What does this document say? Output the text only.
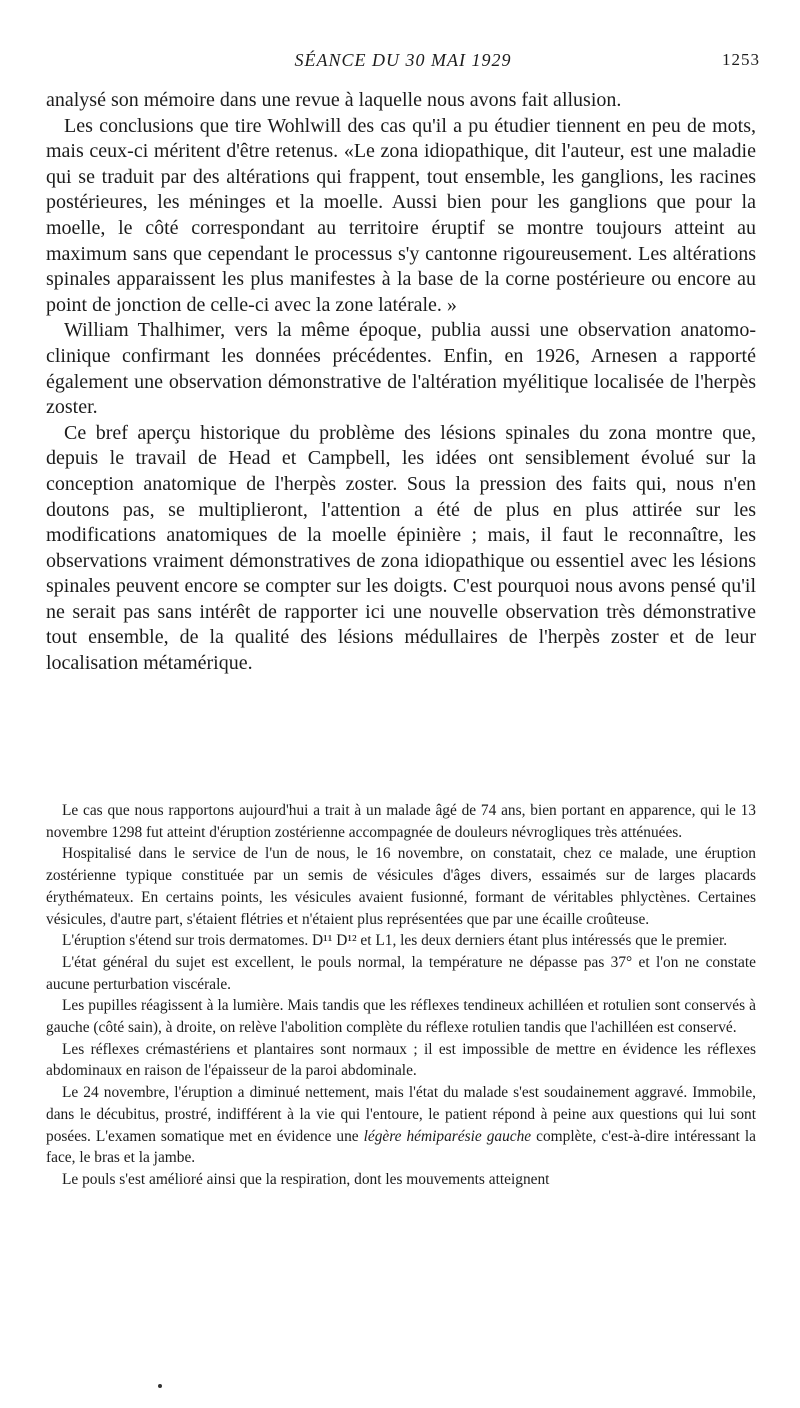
SÉANCE DU 30 MAI 1929	1253

analysé son mémoire dans une revue à laquelle nous avons fait allusion.

Les conclusions que tire Wohlwill des cas qu'il a pu étudier tiennent en peu de mots, mais ceux-ci méritent d'être retenus. «Le zona idiopathique, dit l'auteur, est une maladie qui se traduit par des altérations qui frappent, tout ensemble, les ganglions, les racines postérieures, les méninges et la moelle. Aussi bien pour les ganglions que pour la moelle, le côté correspondant au territoire éruptif se montre toujours atteint au maximum sans que cependant le processus s'y cantonne rigoureusement. Les altérations spinales apparaissent les plus manifestes à la base de la corne postérieure ou encore au point de jonction de celle-ci avec la zone latérale. »

William Thalhimer, vers la même époque, publia aussi une observation anatomo-clinique confirmant les données précédentes. Enfin, en 1926, Arnesen a rapporté également une observation démonstrative de l'altération myélitique localisée de l'herpès zoster.

Ce bref aperçu historique du problème des lésions spinales du zona montre que, depuis le travail de Head et Campbell, les idées ont sensiblement évolué sur la conception anatomique de l'herpès zoster. Sous la pression des faits qui, nous n'en doutons pas, se multiplieront, l'attention a été de plus en plus attirée sur les modifications anatomiques de la moelle épinière ; mais, il faut le reconnaître, les observations vraiment démonstratives de zona idiopathique ou essentiel avec les lésions spinales peuvent encore se compter sur les doigts. C'est pourquoi nous avons pensé qu'il ne serait pas sans intérêt de rapporter ici une nouvelle observation très démonstrative tout ensemble, de la qualité des lésions médullaires de l'herpès zoster et de leur localisation métamérique.

Le cas que nous rapportons aujourd'hui a trait à un malade âgé de 74 ans, bien portant en apparence, qui le 13 novembre 1298 fut atteint d'éruption zostérienne accompagnée de douleurs névrogliques très atténuées.

Hospitalisé dans le service de l'un de nous, le 16 novembre, on constatait, chez ce malade, une éruption zostérienne typique constituée par un semis de vésicules d'âges divers, essaimés sur de larges placards érythémateux. En certains points, les vésicules avaient fusionné, formant de véritables phlyctènes. Certaines vésicules, d'autre part, s'étaient flétries et n'étaient plus représentées que par une écaille croûteuse.

L'éruption s'étend sur trois dermatomes. D¹¹ D¹² et L1, les deux derniers étant plus intéressés que le premier.

L'état général du sujet est excellent, le pouls normal, la température ne dépasse pas 37° et l'on ne constate aucune perturbation viscérale.

Les pupilles réagissent à la lumière. Mais tandis que les réflexes tendineux achilléen et rotulien sont conservés à gauche (côté sain), à droite, on relève l'abolition complète du réflexe rotulien tandis que l'achilléen est conservé.

Les réflexes crémastériens et plantaires sont normaux ; il est impossible de mettre en évidence les réflexes abdominaux en raison de l'épaisseur de la paroi abdominale.

Le 24 novembre, l'éruption a diminué nettement, mais l'état du malade s'est soudainement aggravé. Immobile, dans le décubitus, prostré, indifférent à la vie qui l'entoure, le patient répond à peine aux questions qui lui sont posées. L'examen somatique met en évidence une légère hémiparésie gauche complète, c'est-à-dire intéressant la face, le bras et la jambe.

Le pouls s'est amélioré ainsi que la respiration, dont les mouvements atteignent
